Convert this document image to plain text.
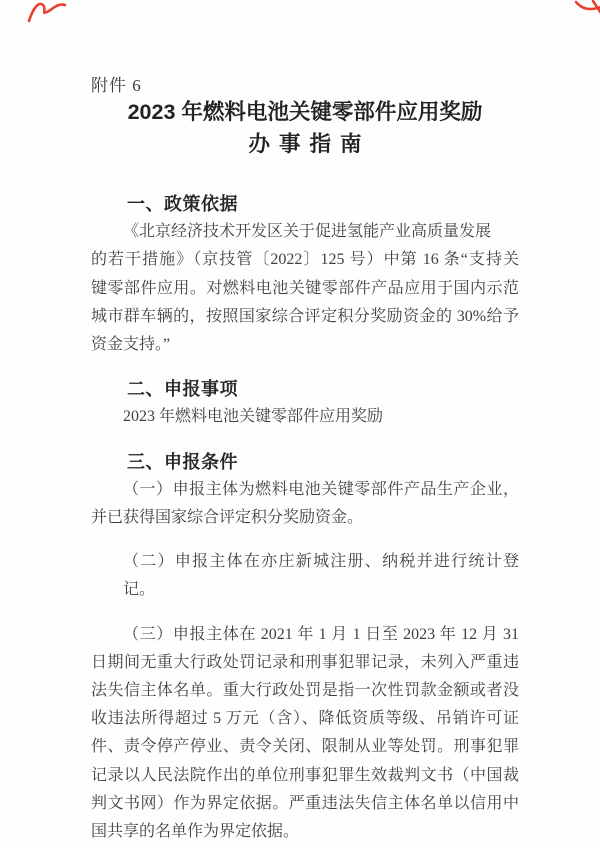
附件 6
2023 年燃料电池关键零部件应用奖励
办事指南
一、政策依据

《北京经济技术开发区关于促进氢能产业高质量发展
的若干措施》（京技管〔2022〕125 号）中第 16 条“支持关
键零部件应用。对燃料电池关键零部件产品应用于国内示范
城市群车辆的，按照国家综合评定积分奖励资金的 30%给予
资金支持。”

二、申报事项

2023 年燃料电池关键零部件应用奖励

三、申报条件

（一）申报主体为燃料电池关键零部件产品生产企业，
并已获得国家综合评定积分奖励资金。

（二）申报主体在亦庄新城注册、纳税并进行统计登记。

（三）申报主体在 2021 年 1 月 1 日至 2023 年 12 月 31
日期间无重大行政处罚记录和刑事犯罪记录，未列入严重违
法失信主体名单。重大行政处罚是指一次性罚款金额或者没
收违法所得超过 5 万元（含）、降低资质等级、吊销许可证
件、责令停产停业、责令关闭、限制从业等处罚。刑事犯罪
记录以人民法院作出的单位刑事犯罪生效裁判文书（中国裁
判文书网）作为界定依据。严重违法失信主体名单以信用中
国共享的名单作为界定依据。
